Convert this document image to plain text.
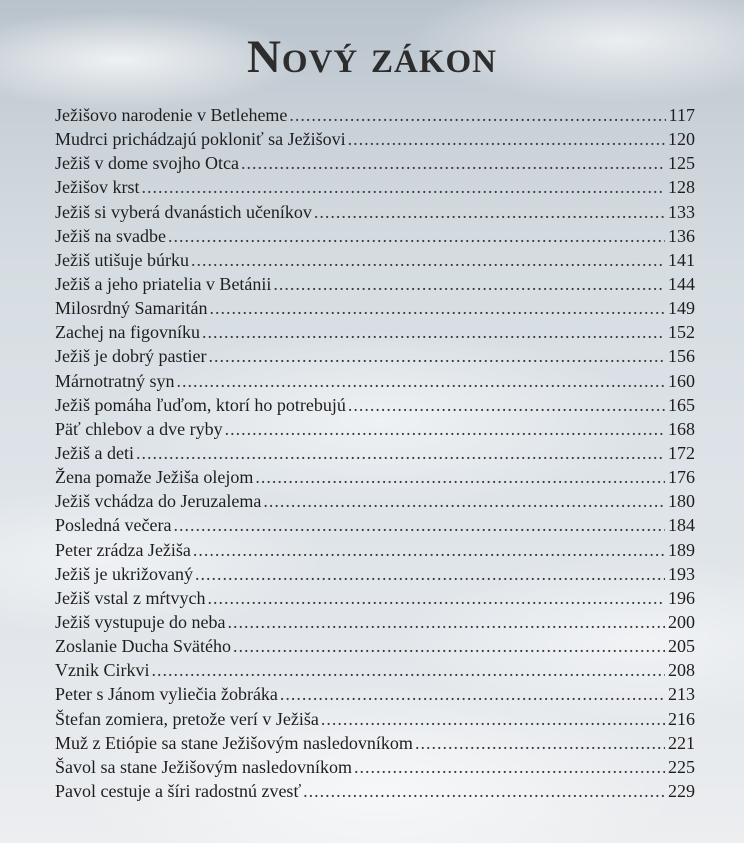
Nový zákon
Ježišovo narodenie v Betleheme .....	117
Mudrci prichádzajú pokloniť sa Ježišovi .....	120
Ježiš v dome svojho Otca .....	125
Ježišov krst .....	128
Ježiš si vyberá dvanástich učeníkov .....	133
Ježiš na svadbe .....	136
Ježiš utišuje búrku .....	141
Ježiš a jeho priatelia v Betánii .....	144
Milosrdný Samaritán .....	149
Zachej na figovníku .....	152
Ježiš je dobrý pastier .....	156
Márnotratný syn .....	160
Ježiš pomáha ľuďom, ktorí ho potrebujú .....	165
Päť chlebov a dve ryby .....	168
Ježiš a deti .....	172
Žena pomaže Ježiša olejom .....	176
Ježiš vchádza do Jeruzalema .....	180
Posledná večera .....	184
Peter zrádza Ježiša .....	189
Ježiš je ukrižovaný .....	193
Ježiš vstal z mŕtvych .....	196
Ježiš vystupuje do neba .....	200
Zoslanie Ducha Svätého .....	205
Vznik Cirkvi .....	208
Peter s Jánom vyliečia žobráka .....	213
Štefan zomiera, pretože verí v Ježiša .....	216
Muž z Etiópie sa stane Ježišovým nasledovníkom .....	221
Šavol sa stane Ježišovým nasledovníkom .....	225
Pavol cestuje a šíri radostnú zvesť .....	229
